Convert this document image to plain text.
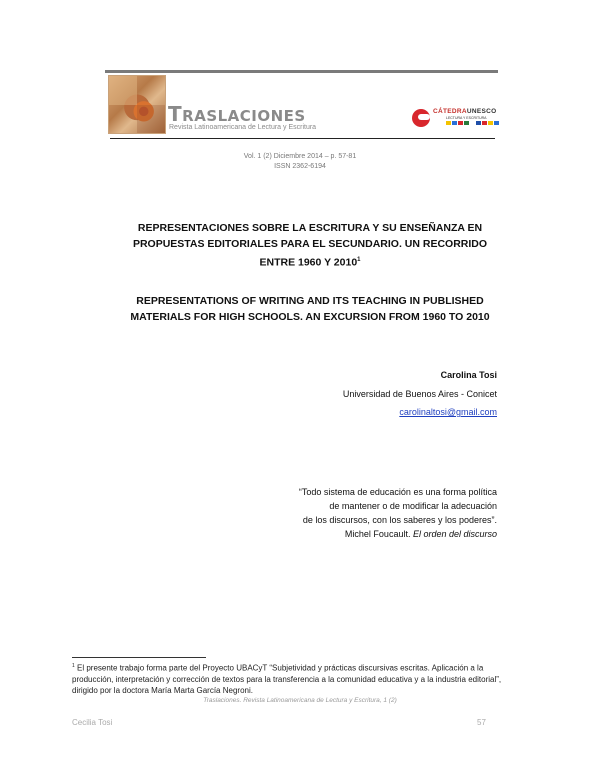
TRASLACIONES
Revista Latinoamericana de Lectura y Escritura
CÁTEDRAUNESCO
LECTURA Y ESCRITURA
Vol. 1 (2) Diciembre 2014 – p. 57-81
ISSN 2362-6194
REPRESENTACIONES SOBRE LA ESCRITURA Y SU ENSEÑANZA EN
PROPUESTAS EDITORIALES PARA EL SECUNDARIO. UN RECORRIDO
ENTRE 1960 Y 2010$^1$
REPRESENTATIONS OF WRITING AND ITS TEACHING IN PUBLISHED
MATERIALS FOR HIGH SCHOOLS. AN EXCURSION FROM 1960 TO 2010
Carolina Tosi
Universidad de Buenos Aires - Conicet
carolinaltosi@gmail.com
“Todo sistema de educación es una forma política
de mantener o de modificar la adecuación
de los discursos, con los saberes y los poderes”.
Michel Foucault. El orden del discurso
$^1$ El presente trabajo forma parte del Proyecto UBACyT “Subjetividad y prácticas discursivas escritas. Aplicación a la producción, interpretación y corrección de textos para la transferencia a la comunidad educativa y a la industria editorial”, dirigido por la doctora María Marta García Negroni.
Traslaciones. Revista Latinoamericana de Lectura y Escritura, 1 (2)
Cecilia Tosi	57
